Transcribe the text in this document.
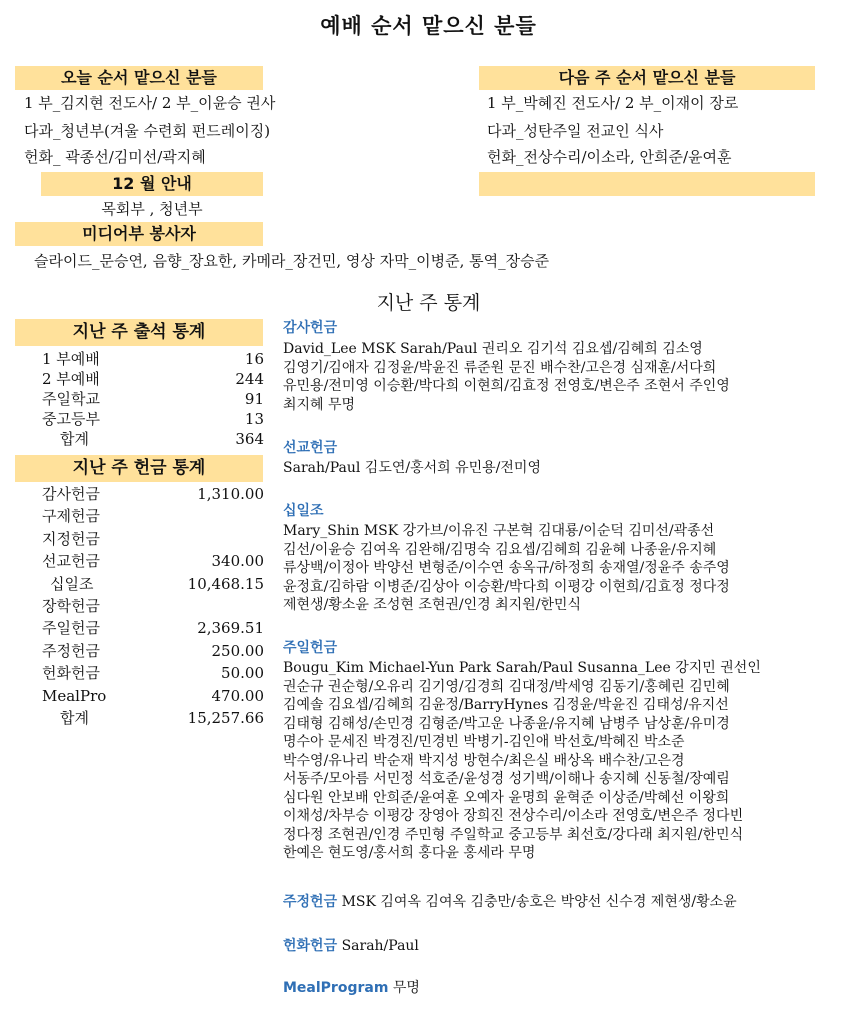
예배 순서 맡으신 분들
오늘 순서 맡으신 분들
1 부_김지현 전도사/ 2 부_이윤승 권사
다과_청년부(겨울 수련회 펀드레이징)
헌화_ 곽종선/김미선/곽지혜
다음 주 순서 맡으신 분들
1 부_박혜진 전도사/ 2 부_이재이 장로
다과_성탄주일 전교인 식사
헌화_전상수리/이소라, 안희준/윤여훈
12 월 안내
목회부 , 청년부
미디어부 봉사자
슬라이드_문승연, 음향_장요한, 카메라_장건민, 영상 자막_이병준, 통역_장승준
지난 주 통계
지난 주 출석 통계
1 부예배	16
2 부예배	244
주일학교	91
중고등부	13
합계	364
지난 주 헌금 통계
감사헌금	1,310.00
구제헌금
지정헌금
선교헌금	340.00
십일조	10,468.15
장학헌금
주일헌금	2,369.51
주정헌금	250.00
헌화헌금	50.00
MealPro	470.00
합계	15,257.66
감사헌금
David_Lee MSK Sarah/Paul 권리오 김기석 김요셉/김혜희 김소영
김영기/김애자 김정윤/박윤진 류준원 문진 배수찬/고은경 심재훈/서다희
유민용/전미영 이승환/박다희 이현희/김효정 전영호/변은주 조현서 주인영
최지혜 무명
선교헌금
Sarah/Paul 김도연/홍서희 유민용/전미영
십일조
Mary_Shin MSK 강가브/이유진 구본혁 김대룡/이순덕 김미선/곽종선
김선/이윤승 김여옥 김완해/김명숙 김요셉/김혜희 김윤혜 나종윤/유지혜
류상백/이정아 박양선 변형준/이수연 송옥규/하정희 송재열/정윤주 송주영
윤정효/김하람 이병준/김상아 이승환/박다희 이평강 이현희/김효정 정다정
제현생/황소윤 조성현 조현권/인경 최지원/한민식
주일헌금
Bougu_Kim Michael-Yun Park Sarah/Paul Susanna_Lee 강지민 권선인
권순규 권순형/오유리 김기영/김경희 김대정/박세영 김동기/홍혜린 김민혜
김예솔 김요셉/김혜희 김윤정/BarryHynes 김정윤/박윤진 김태성/유지선
김태형 김해성/손민경 김형준/박고운 나종윤/유지혜 남병주 남상훈/유미경
명수아 문세진 박경진/민경빈 박병기-김인애 박선호/박혜진 박소준
박수영/유나리 박순재 박지성 방현수/최은실 배상옥 배수찬/고은경
서동주/모아름 서민정 석호준/윤성경 성기백/이해나 송지혜 신동철/장예림
심다원 안보배 안희준/윤여훈 오예자 윤명희 윤혁준 이상준/박혜선 이왕희
이채성/차부승 이평강 장영아 장희진 전상수리/이소라 전영호/변은주 정다빈
정다정 조현권/인경 주민형 주일학교 중고등부 최선호/강다래 최지원/한민식
한예은 현도영/홍서희 홍다윤 홍세라 무명
주정헌금 MSK 김여옥 김여옥 김충만/송호은 박양선 신수경 제현생/황소윤
헌화헌금 Sarah/Paul
MealProgram 무명
